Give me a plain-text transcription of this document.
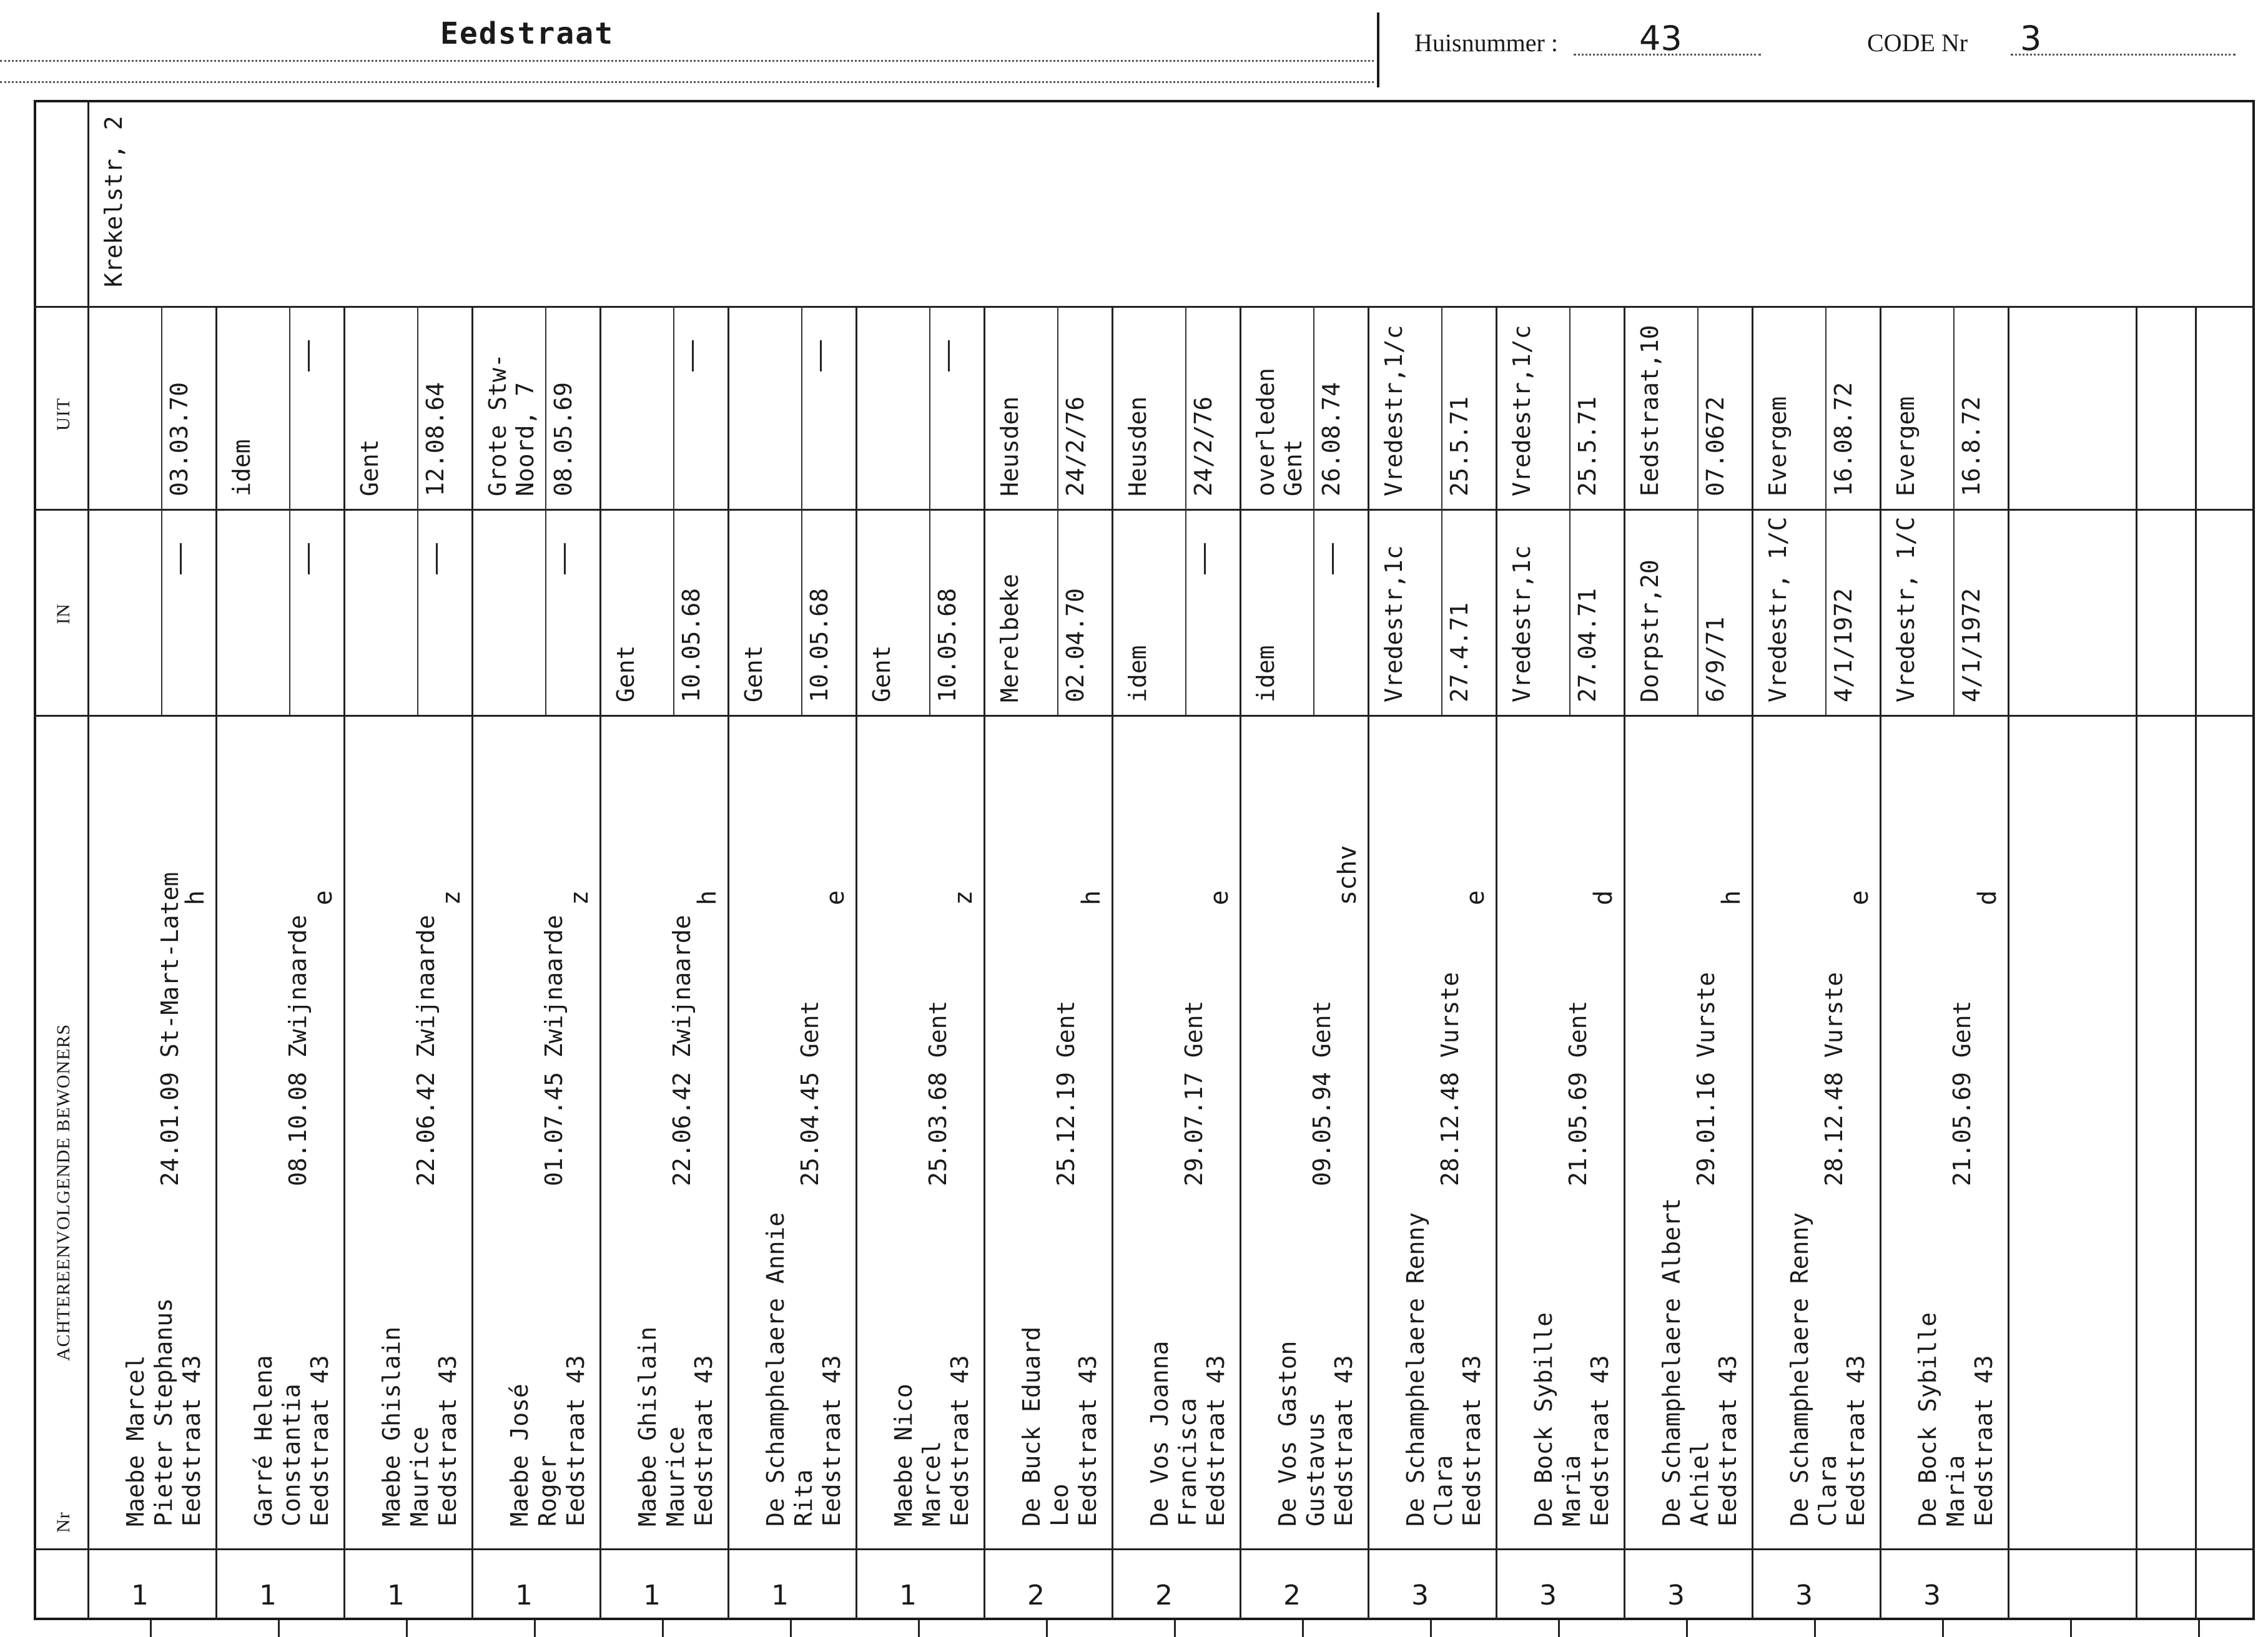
Eedstraat	Huisnummer : 43	CODE Nr 3
Nr
ACHTEREENVOLGENDE BEWONERS
IN
UIT
Krekelstr, 2
1
Maebe Marcel Pieter Stephanus Eedstraat 43
24.01.09 St-Mart-Latem
h
03.03.70
1
Garré Helena Constantia Eedstraat 43
08.10.08 Zwijnaarde
e
idem
1
Maebe Ghislain Maurice Eedstraat 43
22.06.42 Zwijnaarde
z
Gent 12.08.64
1
Maebe José Roger Eedstraat 43
01.07.45 Zwijnaarde
z
Grote Stw- Noord, 7 08.05.69
1
Maebe Ghislain Maurice Eedstraat 43
22.06.42 Zwijnaarde
h
Gent 10.05.68
1
De Schamphelaere Annie Rita Eedstraat 43
25.04.45 Gent
e
Gent 10.05.68
1
Maebe Nico Marcel Eedstraat 43
25.03.68 Gent
z
Gent 10.05.68
2
De Buck Eduard Leo Eedstraat 43
25.12.19 Gent
h
Merelbeke 02.04.70
Heusden 24/2/76
2
De Vos Joanna Francisca Eedstraat 43
29.07.17 Gent
e
idem
Heusden 24/2/76
2
De Vos Gaston Gustavus Eedstraat 43
09.05.94 Gent
schv
idem
overleden Gent 26.08.74
3
De Schamphelaere Renny Clara Eedstraat 43
28.12.48 Vurste
e
Vredestr,1c 27.4.71
Vredestr,1/c 25.5.71
3
De Bock Sybille Maria Eedstraat 43
21.05.69 Gent
d
Vredestr,1c 27.04.71
Vredestr,1/c 25.5.71
3
De Schamphelaere Albert Achiel Eedstraat 43
29.01.16 Vurste
h
Dorpstr,20 6/9/71
Eedstraat,10 07.0672
3
De Schamphelaere Renny Clara Eedstraat 43
28.12.48 Vurste
e
Vredestr, 1/C 4/1/1972
Evergem 16.08.72
3
De Bock Sybille Maria Eedstraat 43
21.05.69 Gent
d
Vredestr, 1/C 4/1/1972
Evergem 16.8.72
